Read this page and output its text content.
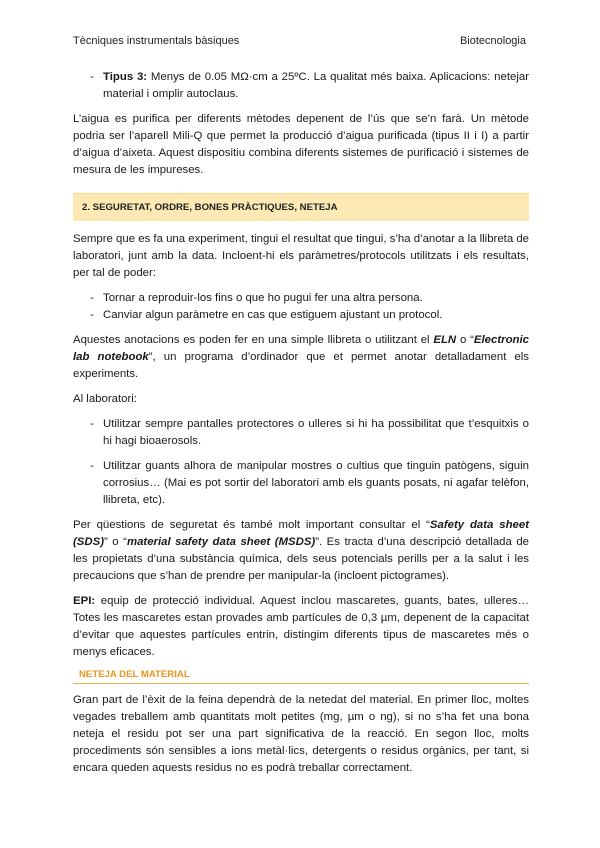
Tècniques instrumentals bàsiques	Biotecnologia
- Tipus 3: Menys de 0.05 MΩ·cm a 25ºC. La qualitat més baixa. Aplicacions: netejar material i omplir autoclaus.

L’aigua es purifica per diferents mètodes depenent de l’ús que se’n farà. Un mètode podria ser l’aparell Mili-Q que permet la producció d’aigua purificada (tipus II i I) a partir d’aigua d’aixeta. Aquest dispositiu combina diferents sistemes de purificació i sistemes de mesura de les impureses.

2. SEGURETAT, ORDRE, BONES PRÀCTIQUES, NETEJA

Sempre que es fa una experiment, tingui el resultat que tingui, s’ha d’anotar a la llibreta de laboratori, junt amb la data. Incloent-hi els paràmetres/protocols utilitzats i els resultats, per tal de poder:

- Tornar a reproduir-los fins o que ho pugui fer una altra persona.
- Canviar algun paràmetre en cas que estiguem ajustant un protocol.

Aquestes anotacions es poden fer en una simple llibreta o utilitzant el ELN o “Electronic lab notebook”, un programa d’ordinador que et permet anotar detalladament els experiments.

Al laboratori:

- Utilitzar sempre pantalles protectores o ulleres si hi ha possibilitat que t’esquitxis o hi hagi bioaerosols.
- Utilitzar guants alhora de manipular mostres o cultius que tinguin patògens, siguin corrosius… (Mai es pot sortir del laboratori amb els guants posats, ni agafar telèfon, llibreta, etc).

Per qüestions de seguretat és també molt important consultar el “Safety data sheet (SDS)” o “material safety data sheet (MSDS)”. Es tracta d’una descripció detallada de les propietats d’una substància química, dels seus potencials perills per a la salut i les precaucions que s’han de prendre per manipular-la (incloent pictogrames).

EPI: equip de protecció individual. Aquest inclou mascaretes, guants, bates, ulleres… Totes les mascaretes estan provades amb partícules de 0,3 µm, depenent de la capacitat d’evitar que aquestes partícules entrin, distingim diferents tipus de mascaretes més o menys eficaces.

NETEJA DEL MATERIAL

Gran part de l’èxit de la feina dependrà de la netedat del material. En primer lloc, moltes vegades treballem amb quantitats molt petites (mg, µm o ng), si no s’ha fet una bona neteja el residu pot ser una part significativa de la reacció. En segon lloc, molts procediments són sensibles a ions metàl·lics, detergents o residus orgànics, per tant, si encara queden aquests residus no es podrà treballar correctament.
